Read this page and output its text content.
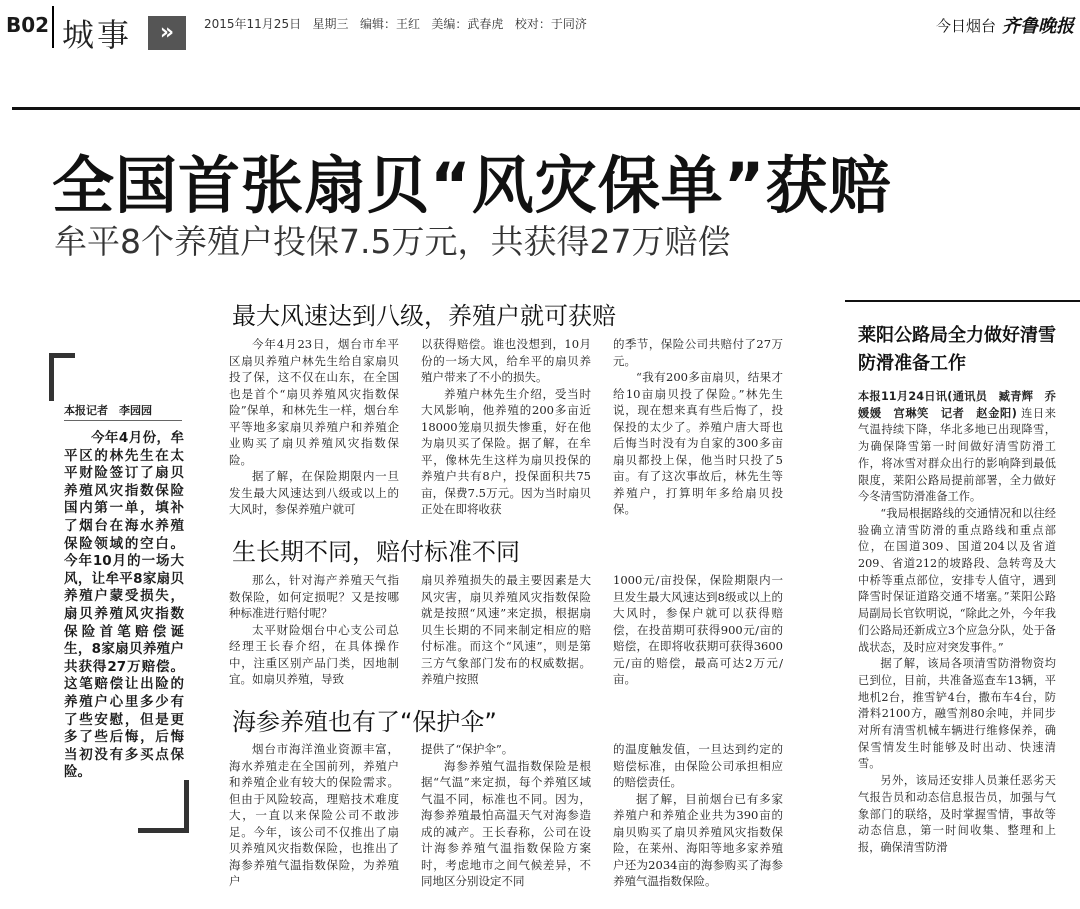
B02 城事	»	2015年11月25日   星期三   编辑：王红   美编：武春虎   校对：于同济	今日烟台 齐鲁晚报
全国首张扇贝“风灾保单”获赔
牟平8个养殖户投保7.5万元，共获得27万赔偿
本报记者　李园园

今年4月份，牟平区的林先生在太平财险签订了扇贝养殖风灾指数保险国内第一单，填补了烟台在海水养殖保险领域的空白。今年10月的一场大风，让牟平8家扇贝养殖户蒙受损失，扇贝养殖风灾指数保险首笔赔偿诞生，8家扇贝养殖户共获得27万赔偿。这笔赔偿让出险的养殖户心里多少有了些安慰，但是更多了些后悔，后悔当初没有多买点保险。

最大风速达到八级，养殖户就可获赔

今年4月23日，烟台市牟平区扇贝养殖户林先生给自家扇贝投了保，这不仅在山东，在全国也是首个“扇贝养殖风灾指数保险”保单，和林先生一样，烟台牟平等地多家扇贝养殖户和养殖企业购买了扇贝养殖风灾指数保险。

据了解，在保险期限内一旦发生最大风速达到八级或以上的大风时，参保养殖户就可

以获得赔偿。谁也没想到，10月份的一场大风，给牟平的扇贝养殖户带来了不小的损失。

养殖户林先生介绍，受当时大风影响，他养殖的200多亩近18000笼扇贝损失惨重，好在他为扇贝买了保险。据了解，在牟平，像林先生这样为扇贝投保的养殖户共有8户，投保面积共75亩，保费7.5万元。因为当时扇贝正处在即将收获

的季节，保险公司共赔付了27万元。

“我有200多亩扇贝，结果才给10亩扇贝投了保险。”林先生说，现在想来真有些后悔了，投保投的太少了。养殖户唐大哥也后悔当时没有为自家的300多亩扇贝都投上保，他当时只投了5亩。有了这次事故后，林先生等养殖户，打算明年多给扇贝投保。

生长期不同，赔付标准不同

那么，针对海产养殖天气指数保险，如何定损呢？又是按哪种标准进行赔付呢？

太平财险烟台中心支公司总经理王长春介绍，在具体操作中，注重区别产品门类，因地制宜。如扇贝养殖，导致

扇贝养殖损失的最主要因素是大风灾害，扇贝养殖风灾指数保险就是按照“风速”来定损，根据扇贝生长期的不同来制定相应的赔付标准。而这个“风速”，则是第三方气象部门发布的权威数据。养殖户按照

1000元/亩投保，保险期限内一旦发生最大风速达到8级或以上的大风时，参保户就可以获得赔偿，在投苗期可获得900元/亩的赔偿，在即将收获期可获得3600元/亩的赔偿，最高可达2万元/亩。

海参养殖也有了“保护伞”

烟台市海洋渔业资源丰富，海水养殖走在全国前列，养殖户和养殖企业有较大的保险需求。但由于风险较高，理赔技术难度大，一直以来保险公司不敢涉足。今年，该公司不仅推出了扇贝养殖风灾指数保险，也推出了海参养殖气温指数保险，为养殖户

提供了“保护伞”。

海参养殖气温指数保险是根据“气温”来定损，每个养殖区域气温不同，标准也不同。因为，海参养殖最怕高温天气对海参造成的减产。王长春称，公司在设计海参养殖气温指数保险方案时，考虑地市之间气候差异，不同地区分别设定不同

的温度触发值，一旦达到约定的赔偿标准，由保险公司承担相应的赔偿责任。

据了解，目前烟台已有多家养殖户和养殖企业共为390亩的扇贝购买了扇贝养殖风灾指数保险，在莱州、海阳等地多家养殖户还为2034亩的海参购买了海参养殖气温指数保险。

莱阳公路局全力做好清雪防滑准备工作

本报11月24日讯(通讯员　臧青辉　乔媛媛　宫琳笑　记者　赵金阳) 连日来气温持续下降，华北多地已出现降雪，为确保降雪第一时间做好清雪防滑工作，将冰雪对群众出行的影响降到最低限度，莱阳公路局提前部署，全力做好今冬清雪防滑准备工作。

“我局根据路线的交通情况和以往经验确立清雪防滑的重点路线和重点部位，在国道309、国道204以及省道209、省道212的坡路段、急转弯及大中桥等重点部位，安排专人值守，遇到降雪时保证道路交通不堵塞。”莱阳公路局副局长官钦明说，“除此之外，今年我们公路局还新成立3个应急分队，处于备战状态，及时应对突发事件。”

据了解，该局各项清雪防滑物资均已到位，目前，共准备巡查车13辆，平地机2台，推雪铲4台，撒布车4台，防滑料2100方，融雪剂80余吨，并同步对所有清雪机械车辆进行维修保养，确保雪情发生时能够及时出动、快速清雪。

另外，该局还安排人员兼任恶劣天气报告员和动态信息报告员，加强与气象部门的联络，及时掌握雪情，事故等动态信息，第一时间收集、整理和上报，确保清雪防滑
